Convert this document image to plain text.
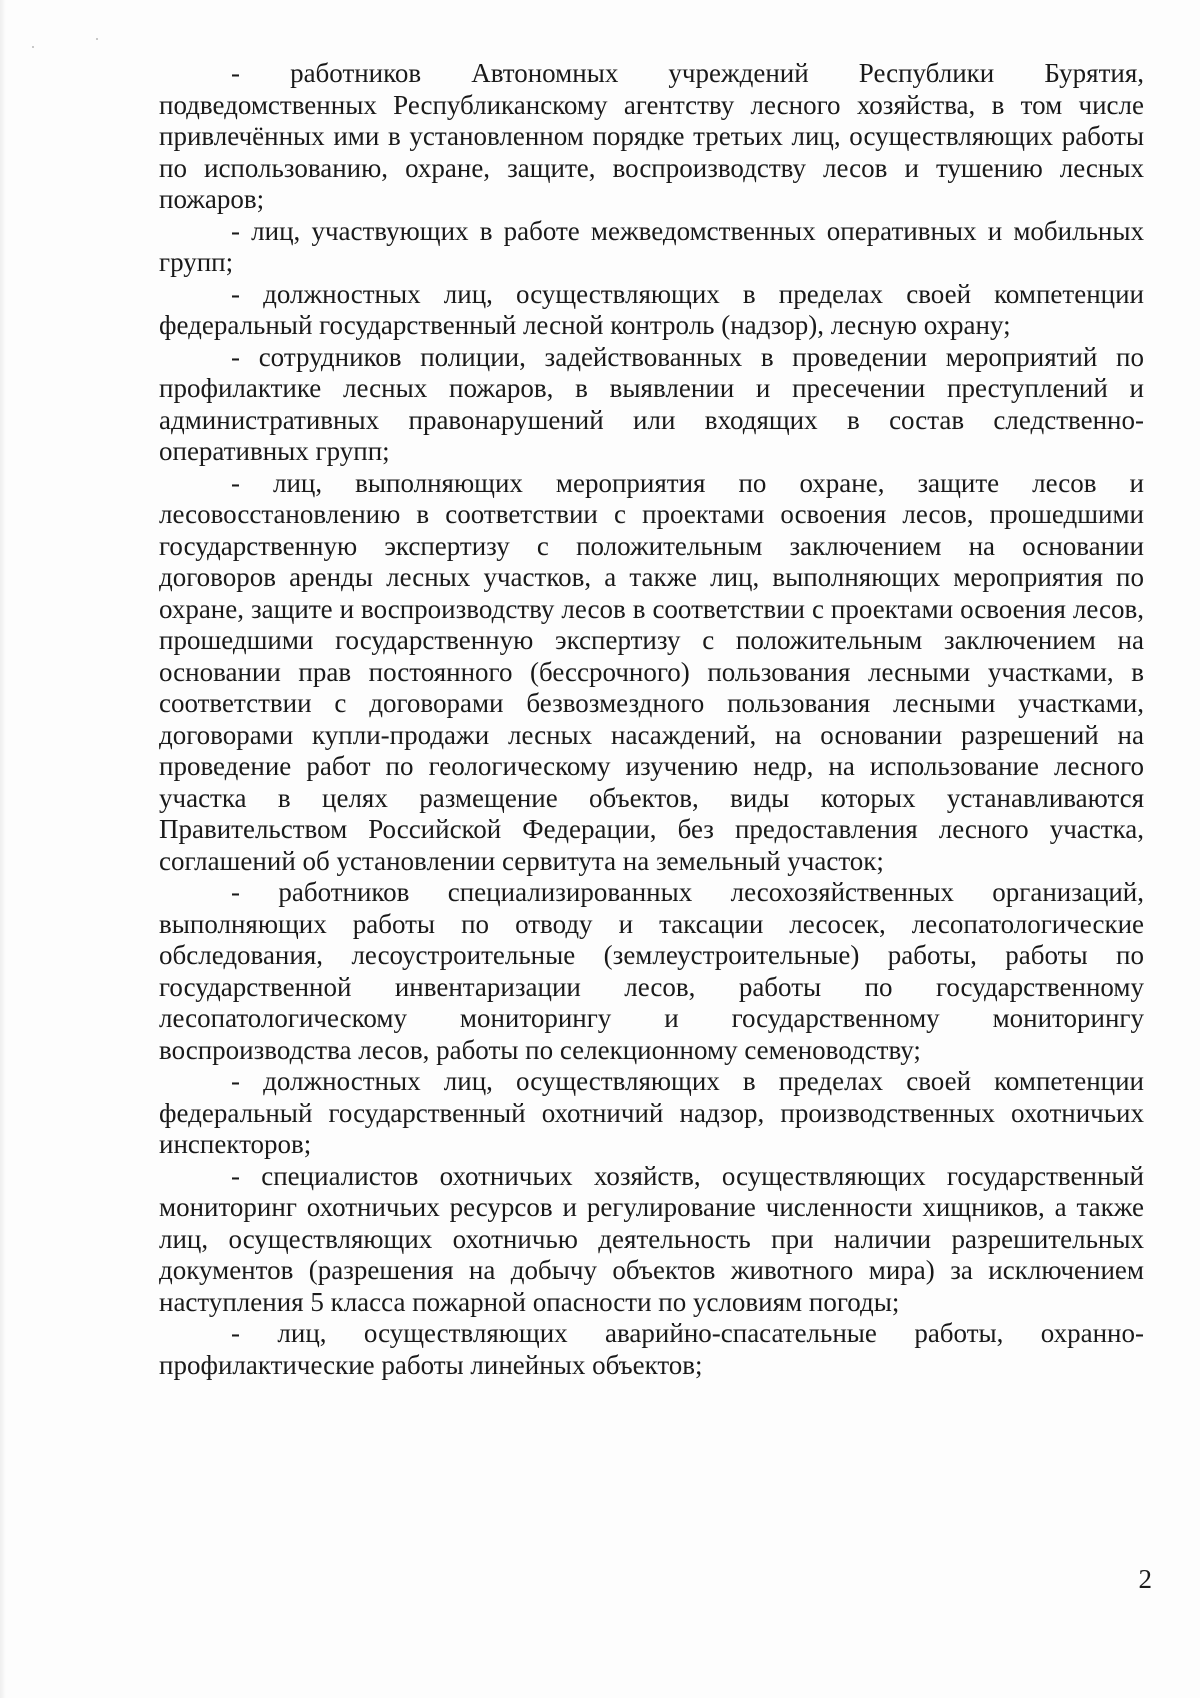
- работников Автономных учреждений Республики Бурятия, подведомственных Республиканскому агентству лесного хозяйства, в том числе привлечённых ими в установленном порядке третьих лиц, осуществляющих работы по использованию, охране, защите, воспроизводству лесов и тушению лесных пожаров;

- лиц, участвующих в работе межведомственных оперативных и мобильных групп;

- должностных лиц, осуществляющих в пределах своей компетенции федеральный государственный лесной контроль (надзор), лесную охрану;

- сотрудников полиции, задействованных в проведении мероприятий по профилактике лесных пожаров, в выявлении и пресечении преступлений и административных правонарушений или входящих в состав следственно-оперативных групп;

- лиц, выполняющих мероприятия по охране, защите лесов и лесовосстановлению в соответствии с проектами освоения лесов, прошедшими государственную экспертизу с положительным заключением на основании договоров аренды лесных участков, а также лиц, выполняющих мероприятия по охране, защите и воспроизводству лесов в соответствии с проектами освоения лесов, прошедшими государственную экспертизу с положительным заключением на основании прав постоянного (бессрочного) пользования лесными участками, в соответствии с договорами безвозмездного пользования лесными участками, договорами купли-продажи лесных насаждений, на основании разрешений на проведение работ по геологическому изучению недр, на использование лесного участка в целях размещение объектов, виды которых устанавливаются Правительством Российской Федерации, без предоставления лесного участка, соглашений об установлении сервитута на земельный участок;

- работников специализированных лесохозяйственных организаций, выполняющих работы по отводу и таксации лесосек, лесопатологические обследования, лесоустроительные (землеустроительные) работы, работы по государственной инвентаризации лесов, работы по государственному лесопатологическому мониторингу и государственному мониторингу воспроизводства лесов, работы по селекционному семеноводству;

- должностных лиц, осуществляющих в пределах своей компетенции федеральный государственный охотничий надзор, производственных охотничьих инспекторов;

- специалистов охотничьих хозяйств, осуществляющих государственный мониторинг охотничьих ресурсов и регулирование численности хищников, а также лиц, осуществляющих охотничью деятельность при наличии разрешительных документов (разрешения на добычу объектов животного мира) за исключением наступления 5 класса пожарной опасности по условиям погоды;

- лиц, осуществляющих аварийно-спасательные работы, охранно-профилактические работы линейных объектов;

2
